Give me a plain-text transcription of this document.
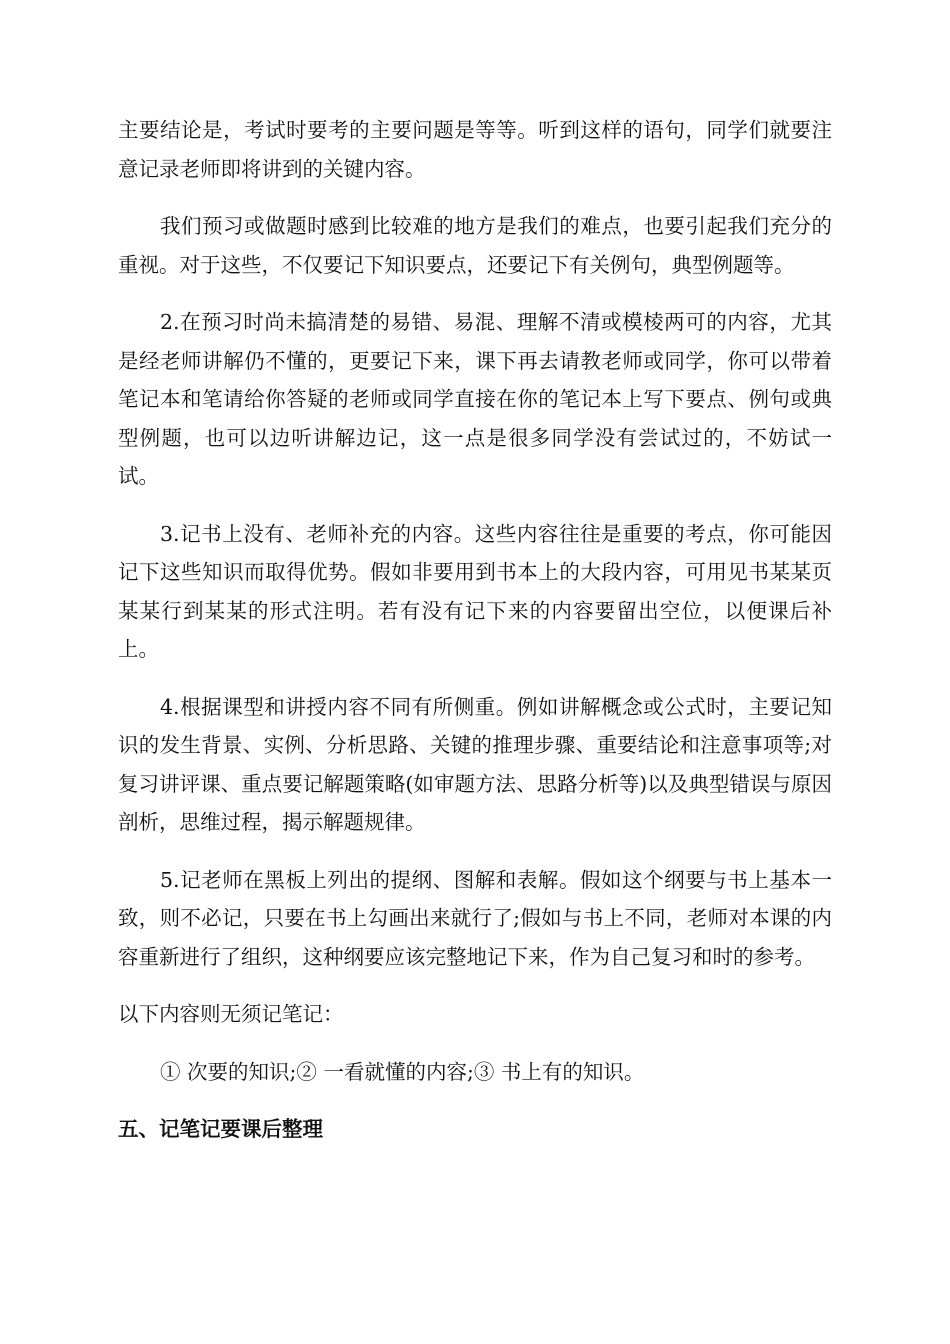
主要结论是，考试时要考的主要问题是等等。听到这样的语句，同学们就要注意记录老师即将讲到的关键内容。

我们预习或做题时感到比较难的地方是我们的难点，也要引起我们充分的重视。对于这些，不仅要记下知识要点，还要记下有关例句，典型例题等。

2.在预习时尚未搞清楚的易错、易混、理解不清或模棱两可的内容，尤其是经老师讲解仍不懂的，更要记下来，课下再去请教老师或同学，你可以带着笔记本和笔请给你答疑的老师或同学直接在你的笔记本上写下要点、例句或典型例题，也可以边听讲解边记，这一点是很多同学没有尝试过的，不妨试一试。

3.记书上没有、老师补充的内容。这些内容往往是重要的考点，你可能因记下这些知识而取得优势。假如非要用到书本上的大段内容，可用见书某某页某某行到某某的形式注明。若有没有记下来的内容要留出空位，以便课后补上。

4.根据课型和讲授内容不同有所侧重。例如讲解概念或公式时，主要记知识的发生背景、实例、分析思路、关键的推理步骤、重要结论和注意事项等;对复习讲评课、重点要记解题策略(如审题方法、思路分析等)以及典型错误与原因剖析，思维过程，揭示解题规律。

5.记老师在黑板上列出的提纲、图解和表解。假如这个纲要与书上基本一致，则不必记，只要在书上勾画出来就行了;假如与书上不同，老师对本课的内容重新进行了组织，这种纲要应该完整地记下来，作为自己复习和时的参考。

以下内容则无须记笔记：

① 次要的知识;② 一看就懂的内容;③ 书上有的知识。

五、记笔记要课后整理
